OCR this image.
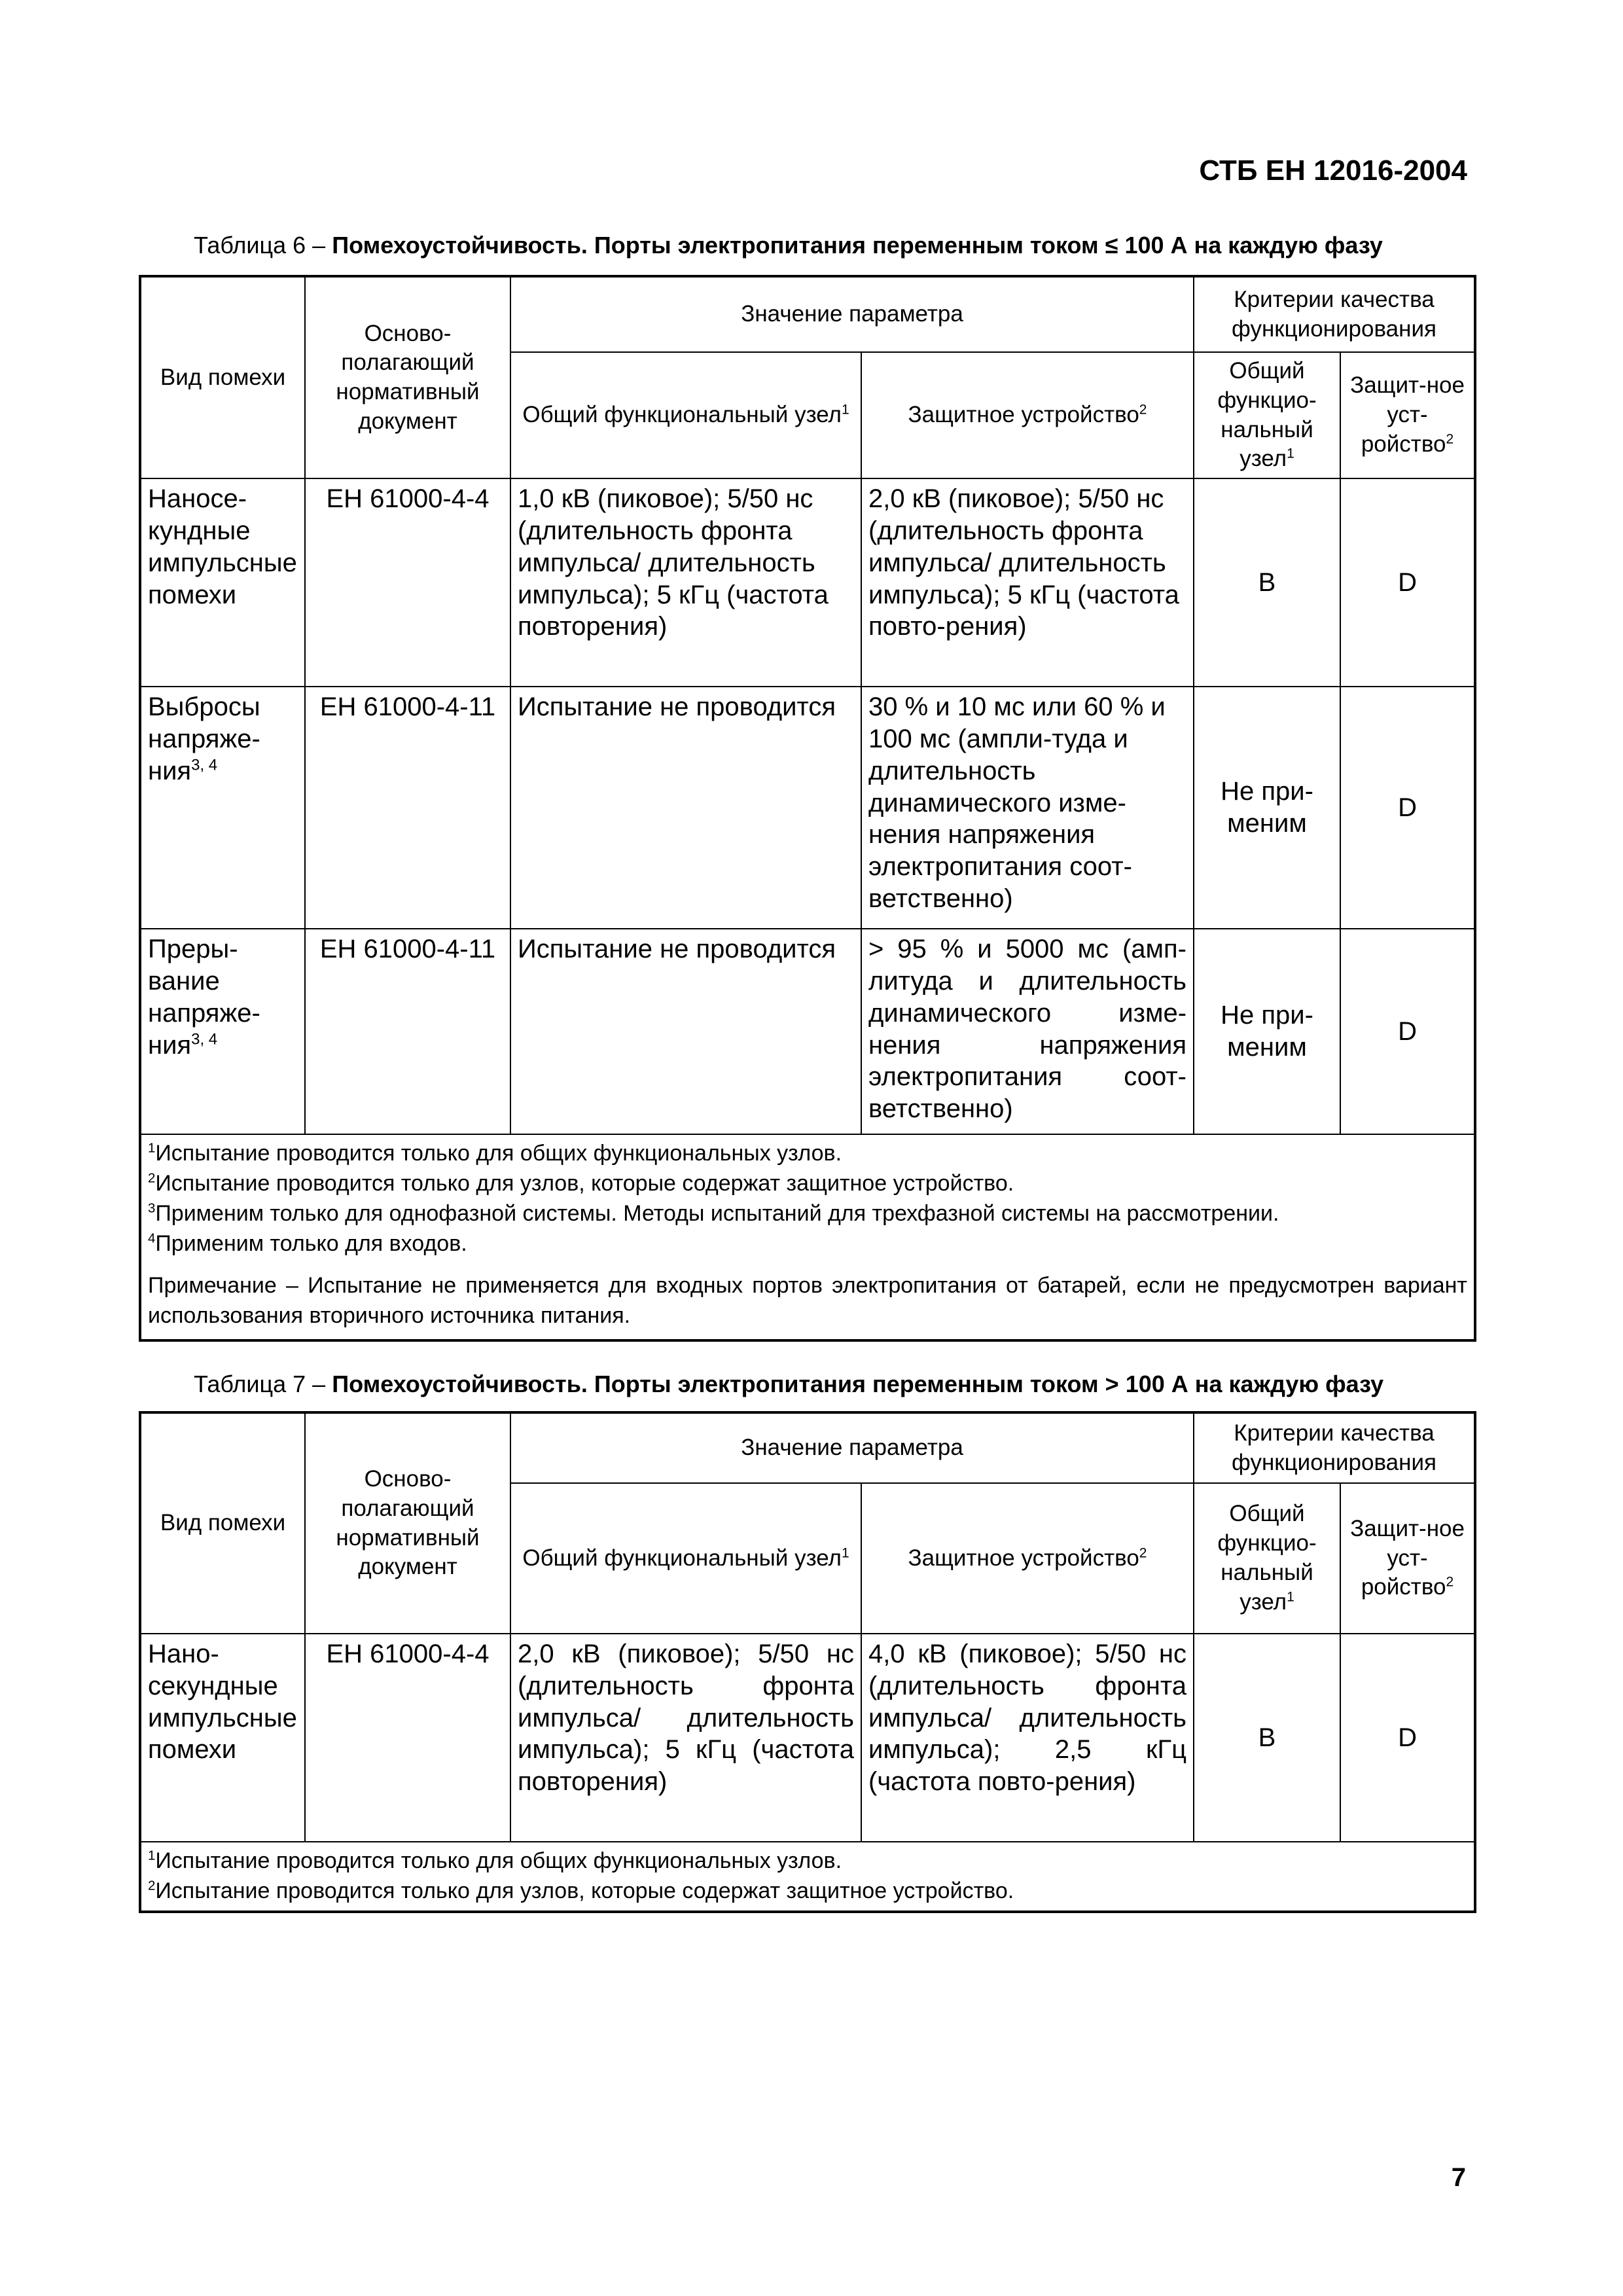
СТБ ЕН 12016-2004
Таблица 6 – Помехоустойчивость. Порты электропитания переменным током ≤ 100 А на каждую фазу
Вид помехи	Осново-полагающий нормативный документ	Значение параметра		Критерии качества функционирования	
		Общий функциональный узел$^1$	Защитное устройство$^2$	Общий функцио-нальный узел$^1$	Защит-ное уст-ройство$^2$
Наносе-кундные импульсные помехи	ЕН 61000-4-4	1,0 кВ (пиковое); 5/50 нс (длительность фронта импульса/ длительность импульса); 5 кГц (частота повторения)	2,0 кВ (пиковое); 5/50 нс (длительность фронта импульса/ длительность импульса); 5 кГц (частота повто-рения)	В	D
Выбросы напряже-ния$^{3, 4}$	ЕН 61000-4-11	Испытание не проводится	30 % и 10 мс или 60 % и 100 мс (ампли-туда и длительность динамического изме-нения напряжения электропитания соот-ветственно)	Не при-меним	D
Преры-вание напряже-ния$^{3, 4}$	ЕН 61000-4-11	Испытание не проводится	> 95 % и 5000 мс (амп-литуда и длительность динамического изме-нения напряжения электропитания соот-ветственно)	Не при-меним	D

$^1$Испытание проводится только для общих функциональных узлов.
$^2$Испытание проводится только для узлов, которые содержат защитное устройство.
$^3$Применим только для однофазной системы. Методы испытаний для трехфазной системы на рассмотрении.
$^4$Применим только для входов.
Примечание – Испытание не применяется для входных портов электропитания от батарей, если не предусмотрен вариант использования вторичного источника питания.					
Таблица 7 – Помехоустойчивость. Порты электропитания переменным током > 100 А на каждую фазу
Вид помехи	Осново-полагающий нормативный документ	Значение параметра		Критерии качества функционирования	
		Общий функциональный узел$^1$	Защитное устройство$^2$	Общий функцио-нальный узел$^1$	Защит-ное уст-ройство$^2$
Нано-секундные импульсные помехи	ЕН 61000-4-4	2,0 кВ (пиковое); 5/50 нс (длительность фронта импульса/ длительность импульса); 5 кГц (частота повторения)	4,0 кВ (пиковое); 5/50 нс (длительность фронта импульса/ длительность импульса); 2,5 кГц (частота повто-рения)	В	D

$^1$Испытание проводится только для общих функциональных узлов.
$^2$Испытание проводится только для узлов, которые содержат защитное устройство.					
7
